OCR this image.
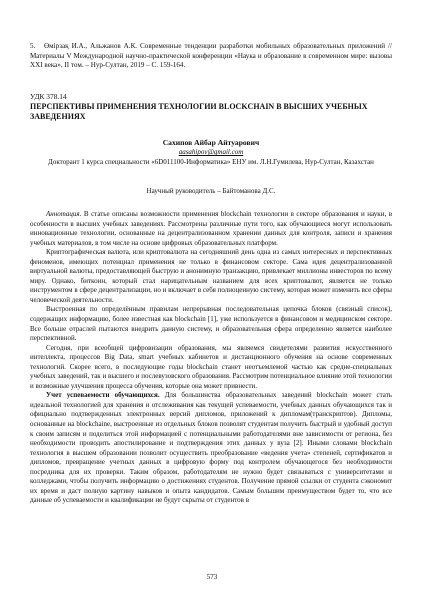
5. Өмірзақ И.А., Альжанов А.К. Современные тенденции разработки мобильных образовательных приложений // Материалы V Международной научно-практической конференции «Наука и образование в современном мире: вызовы XXI века», II том. – Нур-Султан, 2019 – С. 159-164.
УДК 378.14
ПЕРСПЕКТИВЫ ПРИМЕНЕНИЯ ТЕХНОЛОГИИ BLOCKCHAIN В ВЫСШИХ УЧЕБНЫХ ЗАВЕДЕНИЯХ
Сахипов Айбар Айтуарович
aasahipov@gmail.com
Докторант 1 курса специальности «6D011100-Информатика» ЕНУ им. Л.Н.Гумилева, Нур-Султан, Казахстан
Научный руководитель – Байтоманова Д.С.

Аннотация. В статье описаны возможности применения blockchain технологии в секторе образования и науки, в особенности в высших учебных заведениях. Рассмотрены различные пути того, как обучающиеся могут использовать инновационные технологии, основанные на децентрализованном хранении данных для контроля, записи и хранения учебных материалов, в том числе на основе цифровых образовательных платформ.

Криптографическая валюта, или криптовалюта на сегодняшний день одна из самых интересных и перспективных феноменов, имеющих потенциал применения не только в финансовом секторе. Сама идея децентрализованной виртуальной валюты, предоставляющей быструю и анонимную транзакцию, привлекает миллионы инвесторов по всему миру. Однако, биткоин, который стал нарицательным названием для всех криптовалют, является не только инструментом в сфере децентрализации, но и включает в себя полноценную систему, которая может изменить все сферы человеческой деятельности.

Выстроенная по определённым правилам непрерывная последовательная цепочка блоков (связный список), содержащих информацию, более известная как blockchain [1], уже используется в финансовом и медицинском секторе. Все больше отраслей пытаются внедрить данную систему, и образовательная сфера определенно является наиболее перспективной.

Сегодня, при всеобщей цифровизации образования, мы являемся свидетелями развития искусственного интеллекта, процессов Big Data, smart учебных кабинетов и дистанционного обучения на основе современных технологий. Скорее всего, в последующие годы blockchain станет неотъемлемой частью как средне-специальных учебных заведений, так и высшего и послевузовского образования. Рассмотрим потенциальное влияние этой технологии и возможные улучшения процесса обучения, которые она может привнести.

Учет успеваемости обучающихся. Для большинства образовательных заведений blockchain может стать идеальной технологией для хранения и отслеживания как текущей успеваемости, учебных данных обучающихся так и официально подтвержденных электронных версий дипломов, приложений к дипломам(транскриптов). Дипломы, основанные на blockchaine, выстроенные из отдельных блоков позволят студентам получить быстрый и удобный доступ к своим записям и поделиться этой информацией с потенциальными работодателями вне зависимости от региона, без необходимости проводить апостилирование и подтверждения этих данных у вуза [2]. Иными словами blockchain технология в высшем образовании позволит осуществить преобразование «ведения учета» степеней, сертификатов и дипломов, превращение учетных данных в цифровую форму под контролем обучающегося без необходимости посредника для их проверки. Таким образом, работодателям не нужно будет связываться с университетами и колледжами, чтобы получить информацию о достижениях студентов. Получение прямой ссылки от студента сэкономит их время и даст полную картину навыков и опыта кандидатов. Самым большим преимуществом будет то, что все данные об успеваемости и квалификации не будут скрыты от студентов в

573
